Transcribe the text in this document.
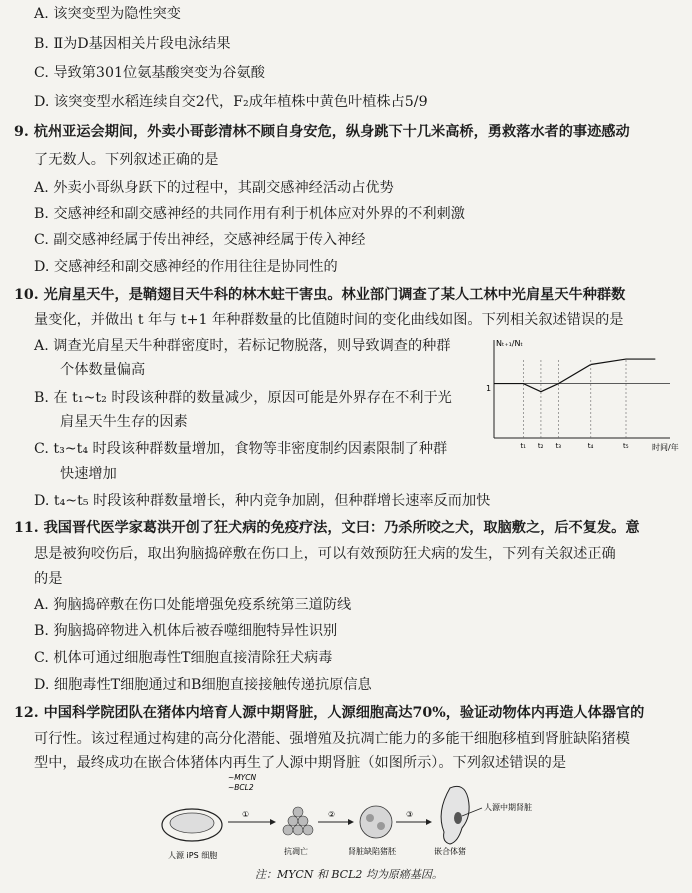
A. 该突变型为隐性突变
B. Ⅱ为D基因相关片段电泳结果
C. 导致第301位氨基酸突变为谷氨酸
D. 该突变型水稻连续自交2代，F₂成年植株中黄色叶植株占5/9
9. 杭州亚运会期间，外卖小哥彭清林不顾自身安危，纵身跳下十几米高桥，勇救落水者的事迹感动
了无数人。下列叙述正确的是
A. 外卖小哥纵身跃下的过程中，其副交感神经活动占优势
B. 交感神经和副交感神经的共同作用有利于机体应对外界的不利刺激
C. 副交感神经属于传出神经，交感神经属于传入神经
D. 交感神经和副交感神经的作用往往是协同性的
10. 光肩星天牛，是鞘翅目天牛科的林木蛀干害虫。林业部门调查了某人工林中光肩星天牛种群数
量变化，并做出 t 年与 t+1 年种群数量的比值随时间的变化曲线如图。下列相关叙述错误的是
A. 调查光肩星天牛种群密度时，若标记物脱落，则导致调查的种群
个体数量偏高
B. 在 t₁~t₂ 时段该种群的数量减少，原因可能是外界存在不利于光
肩星天牛生存的因素
C. t₃~t₄ 时段该种群数量增加，食物等非密度制约因素限制了种群
快速增加
D. t₄~t₅ 时段该种群数量增长，种内竞争加剧，但种群增长速率反而加快
Nₜ₊₁/Nₜ
时间/年
1
t₁ t₂ t₃	t₄	t₅
11. 我国晋代医学家葛洪开创了狂犬病的免疫疗法，文曰：乃杀所咬之犬，取脑敷之，后不复发。意
思是被狗咬伤后，取出狗脑捣碎敷在伤口上，可以有效预防狂犬病的发生，下列有关叙述正确
的是
A. 狗脑捣碎敷在伤口处能增强免疫系统第三道防线
B. 狗脑捣碎物进入机体后被吞噬细胞特异性识别
C. 机体可通过细胞毒性T细胞直接清除狂犬病毒
D. 细胞毒性T细胞通过和B细胞直接接触传递抗原信息
12. 中国科学院团队在猪体内培育人源中期肾脏，人源细胞高达70%，验证动物体内再造人体器官的
可行性。该过程通过构建的高分化潜能、强增殖及抗凋亡能力的多能干细胞移植到肾脏缺陷猪模
型中，最终成功在嵌合体猪体内再生了人源中期肾脏（如图所示）。下列叙述错误的是
人源 iPS 细胞
~MYCN
~BCL2
①
抗凋亡
②
肾脏缺陷猪胚
③
人源中期肾脏
嵌合体猪
注：MYCN 和 BCL2 均为原癌基因。
